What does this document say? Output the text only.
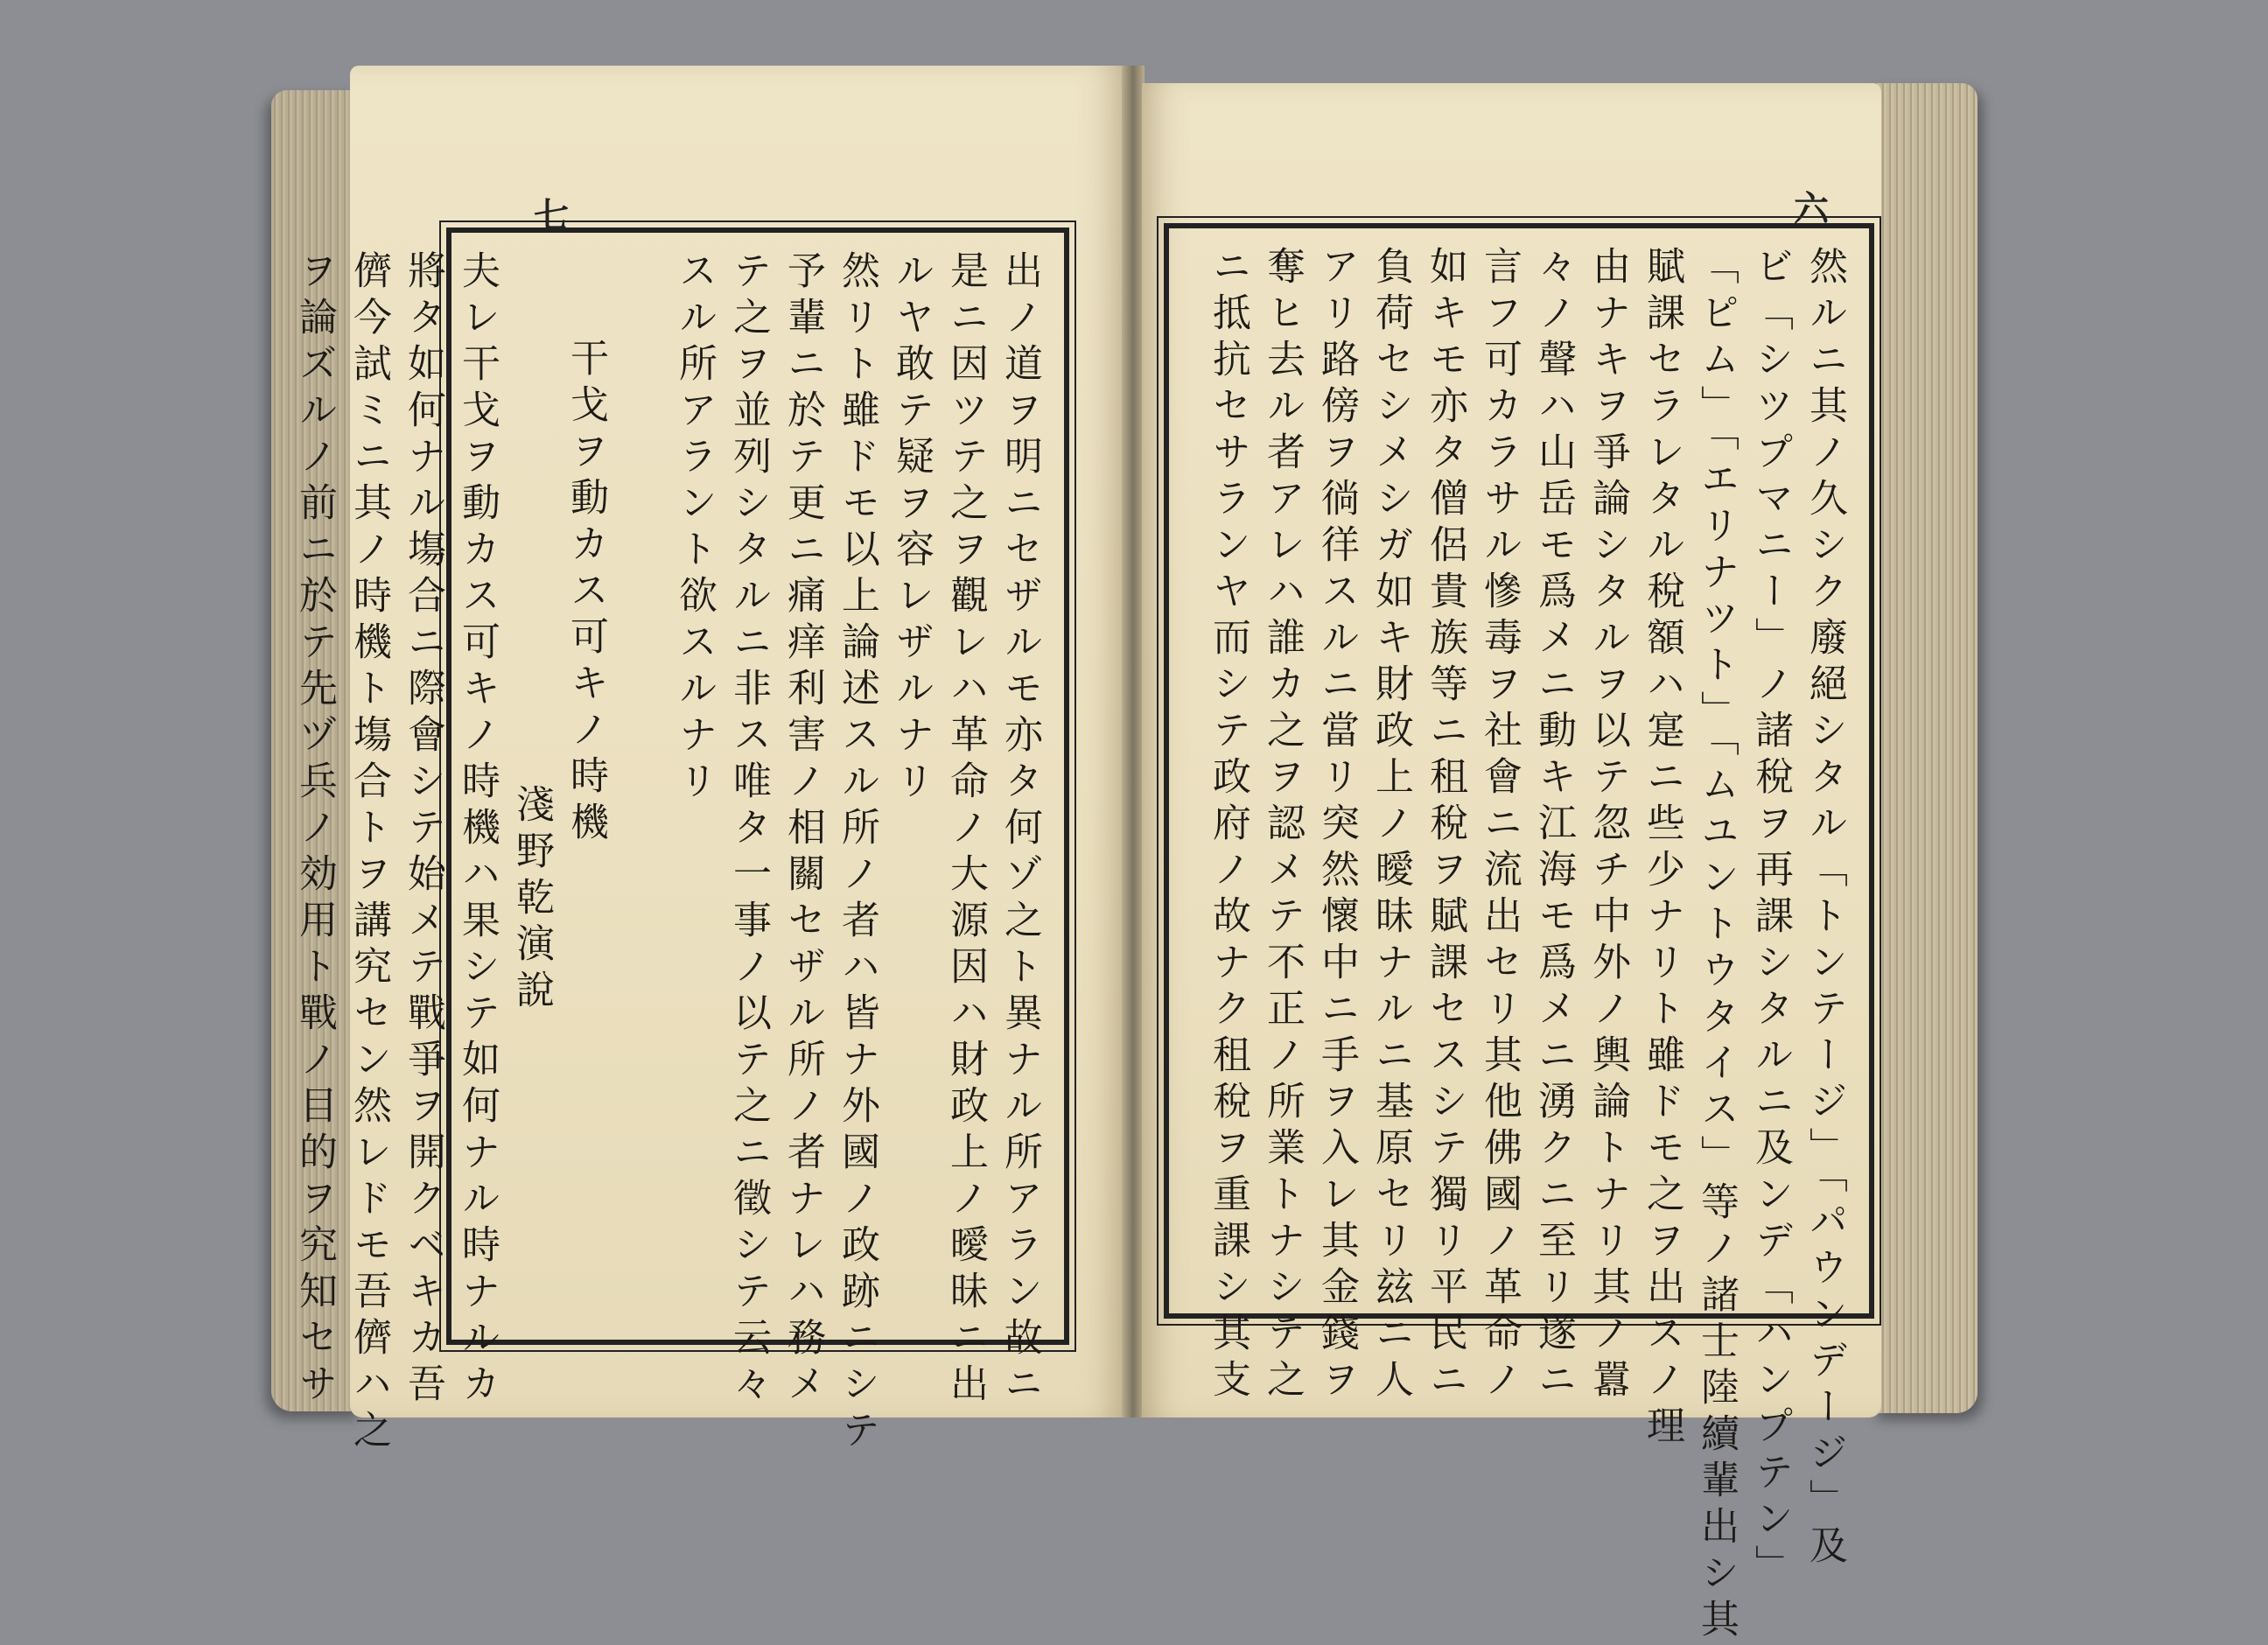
七
出ノ道ヲ明ニセザルモ亦タ何ゾ之ト異ナル所アラン故ニ
是ニ因ツテ之ヲ觀レハ革命ノ大源因ハ財政上ノ曖昧ニ出
ルヤ敢テ疑ヲ容レザルナリ
然リト雖ドモ以上論述スル所ノ者ハ皆ナ外國ノ政跡ニシテ
予輩ニ於テ更ニ痛痒利害ノ相關セザル所ノ者ナレハ務メ
テ之ヲ並列シタルニ非ス唯タ一事ノ以テ之ニ徵シテ云々
スル所アラント欲スルナリ
干戈ヲ動カス可キノ時機
淺野乾演說
夫レ干戈ヲ動カス可キノ時機ハ果シテ如何ナル時ナルカ
將タ如何ナル塲合ニ際會シテ始メテ戰爭ヲ開クベキカ吾
儕今試ミニ其ノ時機ト塲合トヲ講究セン然レドモ吾儕ハ之
ヲ論ズルノ前ニ於テ先ヅ兵ノ効用ト戰ノ目的ヲ究知セサ
六
然ルニ其ノ久シク廢絕シタル「トンテージ」「パウンデージ」及
ビ「シツプマニー」ノ諸稅ヲ再課シタルニ及ンデ「ハンプテン」
「ピム」「エリナツト」「ムユントウタイス」等ノ諸士陸續輩出シ其
賦課セラレタル稅額ハ寔ニ些少ナリト雖ドモ之ヲ出スノ理
由ナキヲ爭論シタルヲ以テ忽チ中外ノ輿論トナリ其ノ囂
々ノ聲ハ山岳モ爲メニ動キ江海モ爲メニ湧クニ至リ遂ニ
言フ可カラサル慘毒ヲ社會ニ流出セリ其他佛國ノ革命ノ
如キモ亦タ僧侶貴族等ニ租稅ヲ賦課セスシテ獨リ平民ニ
負荷セシメシガ如キ財政上ノ曖昧ナルニ基原セリ玆ニ人
アリ路傍ヲ徜徉スルニ當リ突然懷中ニ手ヲ入レ其金錢ヲ
奪ヒ去ル者アレハ誰カ之ヲ認メテ不正ノ所業トナシテ之
ニ抵抗セサランヤ而シテ政府ノ故ナク租稅ヲ重課シ其支
